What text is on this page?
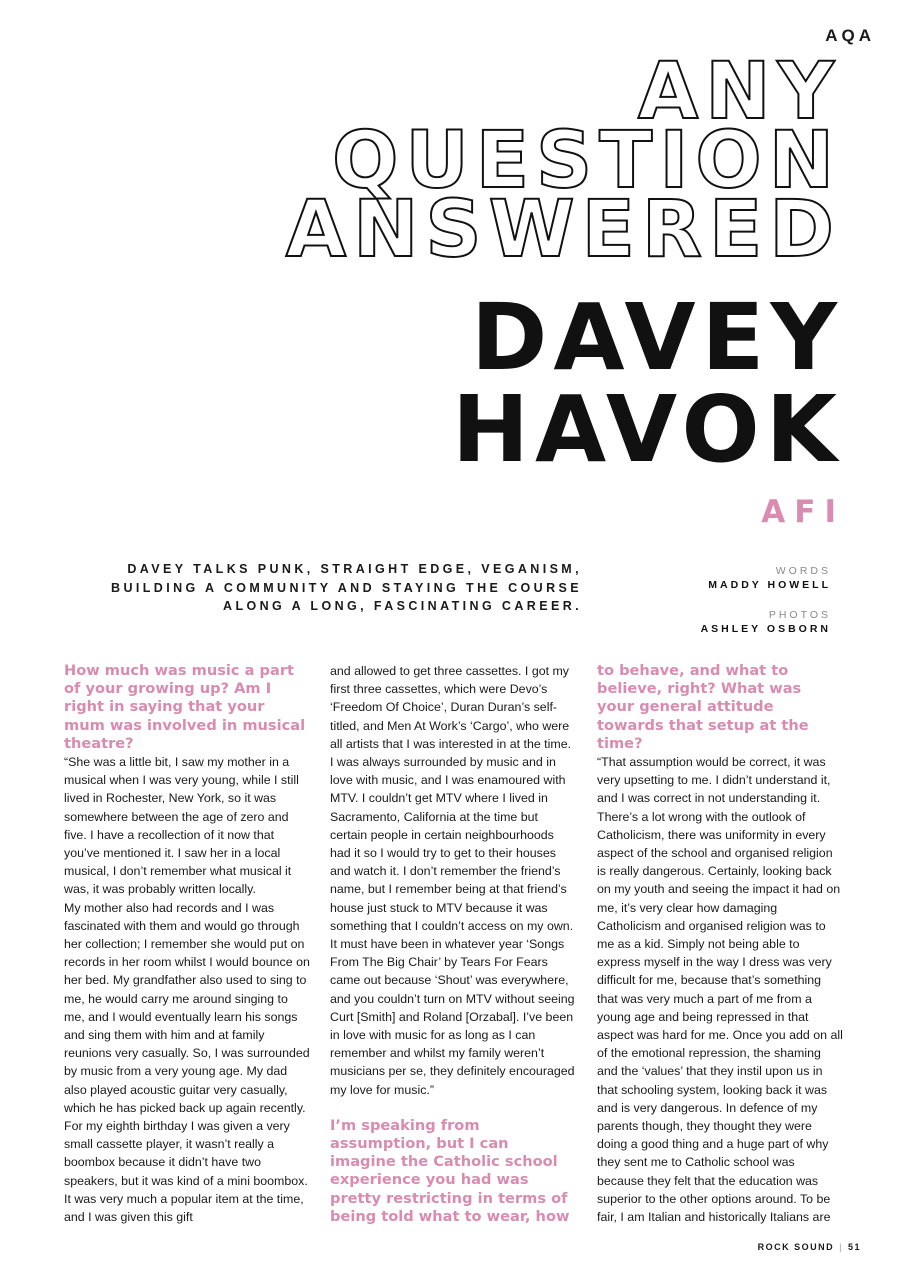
AQA
ANY
QUESTION
ANSWERED
DAVEY
HAVOK
AFI
DAVEY TALKS PUNK, STRAIGHT EDGE, VEGANISM, BUILDING A COMMUNITY AND STAYING THE COURSE ALONG A LONG, FASCINATING CAREER.
WORDS
MADDY HOWELL
PHOTOS
ASHLEY OSBORN

How much was music a part of your growing up? Am I right in saying that your mum was involved in musical theatre?

“She was a little bit, I saw my mother in a musical when I was very young, while I still lived in Rochester, New York, so it was somewhere between the age of zero and five. I have a recollection of it now that you’ve mentioned it. I saw her in a local musical, I don’t remember what musical it was, it was probably written locally.

My mother also had records and I was fascinated with them and would go through her collection; I remember she would put on records in her room whilst I would bounce on her bed. My grandfather also used to sing to me, he would carry me around singing to me, and I would eventually learn his songs and sing them with him and at family reunions very casually. So, I was surrounded by music from a very young age. My dad also played acoustic guitar very casually, which he has picked back up again recently. For my eighth birthday I was given a very small cassette player, it wasn’t really a boombox because it didn’t have two speakers, but it was kind of a mini boombox. It was very much a popular item at the time, and I was given this gift

and allowed to get three cassettes. I got my first three cassettes, which were Devo’s ‘Freedom Of Choice’, Duran Duran’s self-titled, and Men At Work’s ‘Cargo’, who were all artists that I was interested in at the time. I was always surrounded by music and in love with music, and I was enamoured with MTV. I couldn’t get MTV where I lived in Sacramento, California at the time but certain people in certain neighbourhoods had it so I would try to get to their houses and watch it. I don’t remember the friend’s name, but I remember being at that friend’s house just stuck to MTV because it was something that I couldn’t access on my own. It must have been in whatever year ‘Songs From The Big Chair’ by Tears For Fears came out because ‘Shout’ was everywhere, and you couldn’t turn on MTV without seeing Curt [Smith] and Roland [Orzabal]. I’ve been in love with music for as long as I can remember and whilst my family weren’t musicians per se, they definitely encouraged my love for music.”

I’m speaking from assumption, but I can imagine the Catholic school experience you had was pretty restricting in terms of being told what to wear, how

to behave, and what to believe, right? What was your general attitude towards that setup at the time?

“That assumption would be correct, it was very upsetting to me. I didn’t understand it, and I was correct in not understanding it. There’s a lot wrong with the outlook of Catholicism, there was uniformity in every aspect of the school and organised religion is really dangerous. Certainly, looking back on my youth and seeing the impact it had on me, it’s very clear how damaging Catholicism and organised religion was to me as a kid. Simply not being able to express myself in the way I dress was very difficult for me, because that’s something that was very much a part of me from a young age and being repressed in that aspect was hard for me. Once you add on all of the emotional repression, the shaming and the ‘values’ that they instil upon us in that schooling system, looking back it was and is very dangerous. In defence of my parents though, they thought they were doing a good thing and a huge part of why they sent me to Catholic school was because they felt that the education was superior to the other options around. To be fair, I am Italian and historically Italians are

ROCK SOUND | 51
